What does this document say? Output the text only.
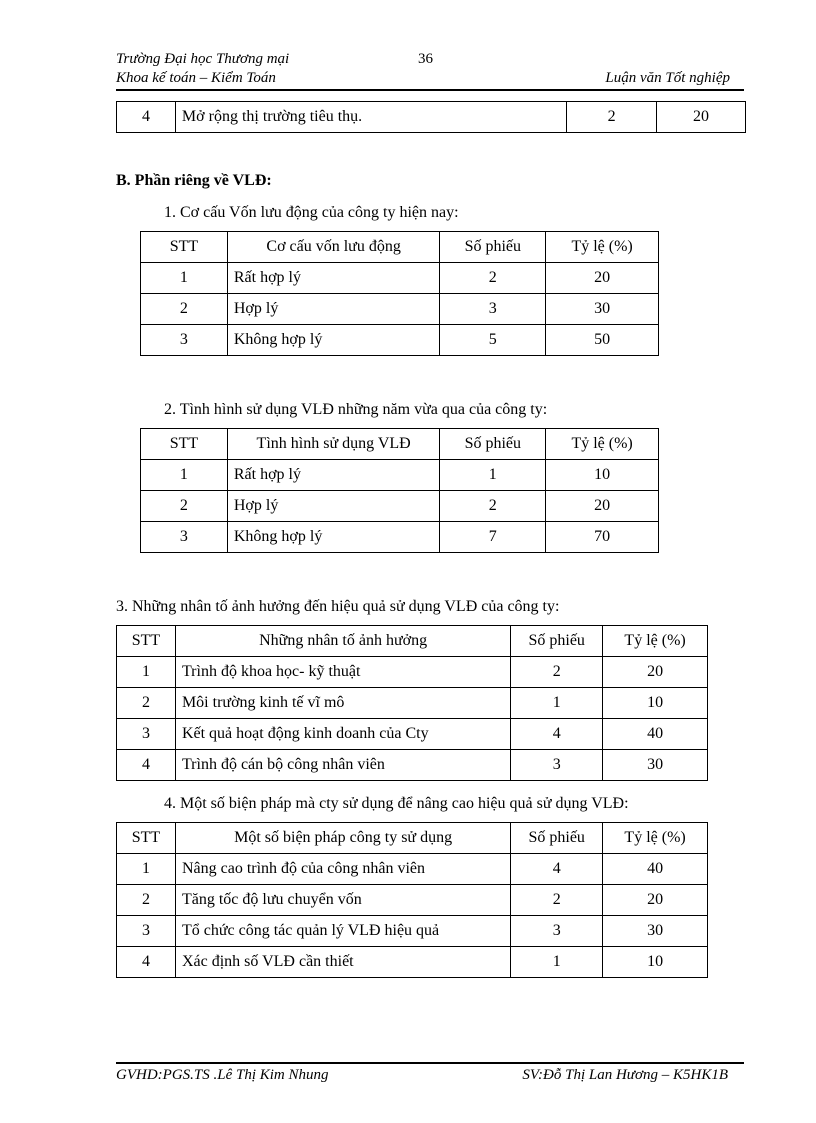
Trường Đại học Thương mại	36
Khoa kế toán – Kiểm Toán	Luận văn Tốt nghiệp
4	Mở rộng thị trường tiêu thụ.	2	20
B. Phần riêng về VLĐ:
1. Cơ cấu Vốn lưu động của công ty hiện nay:
STT	Cơ cấu vốn lưu động	Số phiếu	Tỷ lệ (%)
1	Rất hợp lý	2	20
2	Hợp lý	3	30
3	Không hợp lý	5	50
2. Tình hình sử dụng VLĐ những năm vừa qua của công ty:
STT	Tình hình sử dụng VLĐ	Số phiếu	Tỷ lệ (%)
1	Rất hợp lý	1	10
2	Hợp lý	2	20
3	Không hợp lý	7	70
3. Những nhân tố ảnh hưởng đến hiệu quả sử dụng VLĐ của công ty:
STT	Những nhân tố ảnh hưởng	Số phiếu	Tỷ lệ (%)
1	Trình độ khoa học- kỹ thuật	2	20
2	Môi trường kinh tế vĩ mô	1	10
3	Kết quả hoạt động kinh doanh của Cty	4	40
4	Trình độ cán bộ công nhân viên	3	30
4. Một số biện pháp mà cty sử dụng để nâng cao hiệu quả sử dụng VLĐ:
STT	Một số biện pháp công ty sử dụng	Số phiếu	Tỷ lệ (%)
1	Nâng cao trình độ của công nhân viên	4	40
2	Tăng tốc độ lưu chuyển vốn	2	20
3	Tổ chức công tác quản lý VLĐ hiệu quả	3	30
4	Xác định số VLĐ cần thiết	1	10
GVHD:PGS.TS .Lê Thị Kim Nhung	SV:Đỗ Thị Lan Hương – K5HK1B
